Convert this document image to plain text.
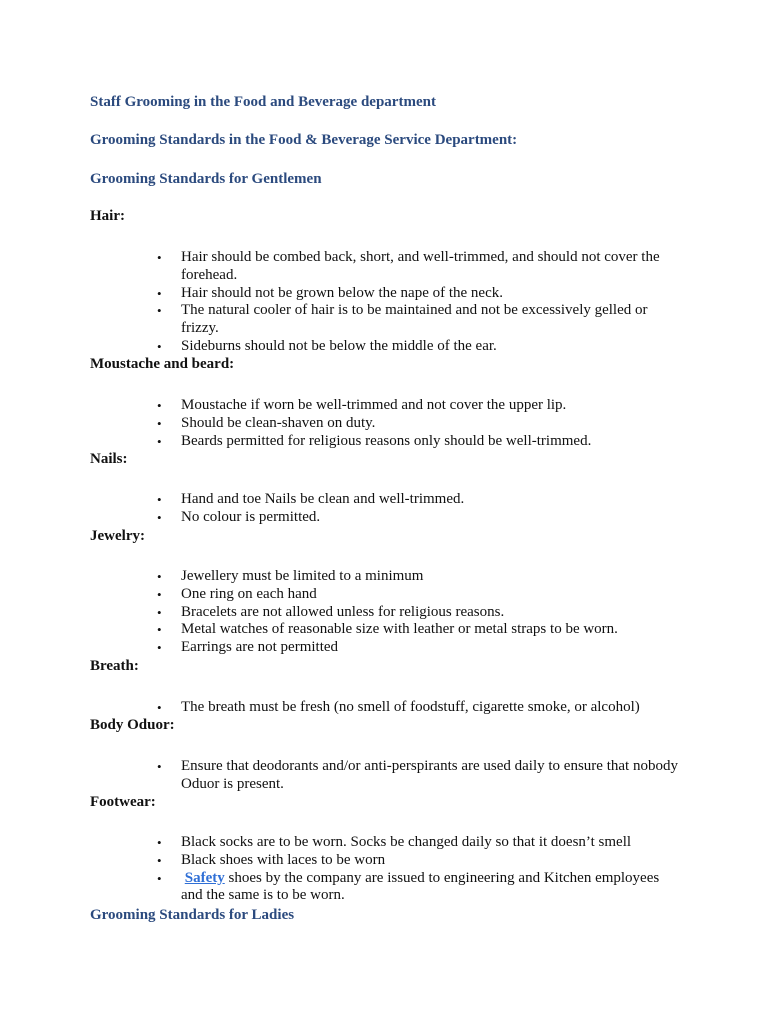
Staff Grooming in the Food and Beverage department
Grooming Standards in the Food & Beverage Service Department:
Grooming Standards for Gentlemen
Hair:
• Hair should be combed back, short, and well-trimmed, and should not cover the forehead.
• Hair should not be grown below the nape of the neck.
• The natural cooler of hair is to be maintained and not be excessively gelled or frizzy.
• Sideburns should not be below the middle of the ear.
Moustache and beard:
• Moustache if worn be well-trimmed and not cover the upper lip.
• Should be clean-shaven on duty.
• Beards permitted for religious reasons only should be well-trimmed.
Nails:
• Hand and toe Nails be clean and well-trimmed.
• No colour is permitted.
Jewelry:
• Jewellery must be limited to a minimum
• One ring on each hand
• Bracelets are not allowed unless for religious reasons.
• Metal watches of reasonable size with leather or metal straps to be worn.
• Earrings are not permitted
Breath:
• The breath must be fresh (no smell of foodstuff, cigarette smoke, or alcohol)
Body Oduor:
• Ensure that deodorants and/or anti-perspirants are used daily to ensure that nobody Oduor is present.
Footwear:
• Black socks are to be worn. Socks be changed daily so that it doesn’t smell
• Black shoes with laces to be worn
• Safety shoes by the company are issued to engineering and Kitchen employees and the same is to be worn.
Grooming Standards for Ladies
